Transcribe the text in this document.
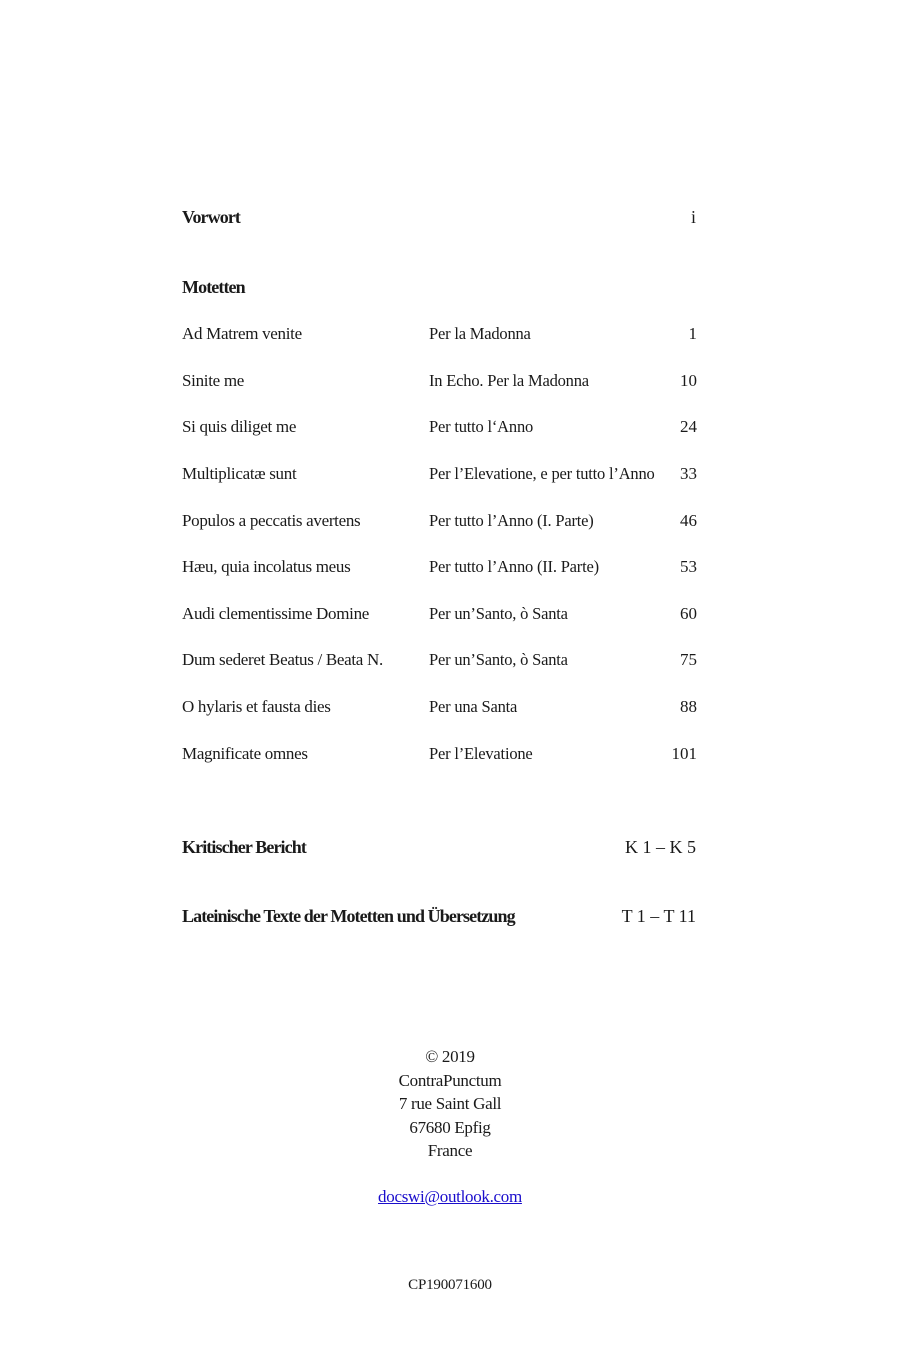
Vorwort	i
Motetten
Ad Matrem venite	Per la Madonna	1
Sinite me	In Echo. Per la Madonna	10
Si quis diliget me	Per tutto l‘Anno	24
Multiplicatæ sunt	Per l’Elevatione, e per tutto l’Anno 33
Populos a peccatis avertens	Per tutto l’Anno (I. Parte)	46
Hæu, quia incolatus meus	Per tutto l’Anno (II. Parte)	53
Audi clementissime Domine	Per un’Santo, ò Santa	60
Dum sederet Beatus / Beata N.	Per un’Santo, ò Santa	75
O hylaris et fausta dies	Per una Santa	88
Magnificate omnes	Per l’Elevatione	101
Kritischer Bericht	K 1 – K 5
Lateinische Texte der Motetten und Übersetzung	T 1 – T 11
© 2019
ContraPunctum
7 rue Saint Gall
67680 Epfig
France
docswi@outlook.com
CP190071600
